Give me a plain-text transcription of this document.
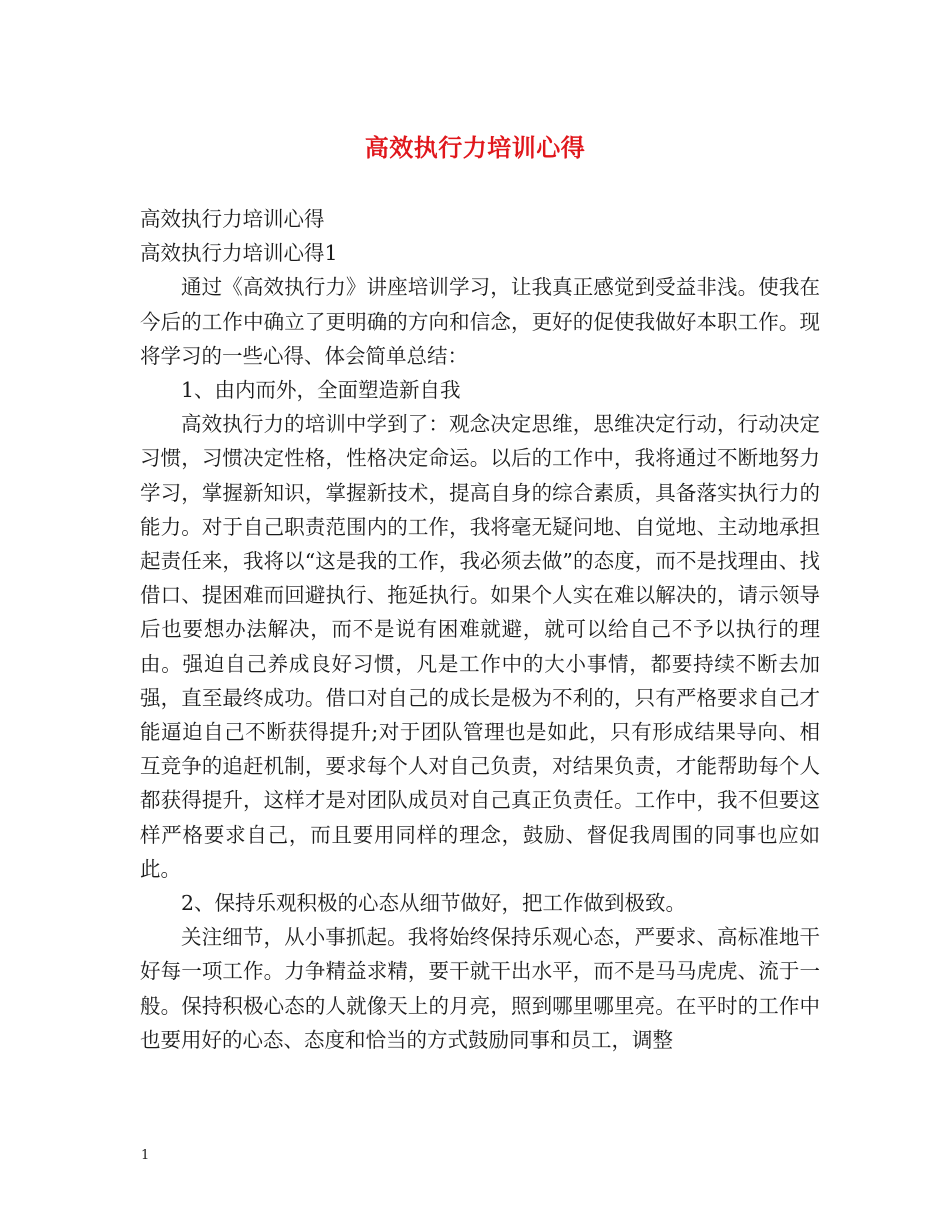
高效执行力培训心得

高效执行力培训心得

高效执行力培训心得1

通过《高效执行力》讲座培训学习，让我真正感觉到受益非浅。使我在今后的工作中确立了更明确的方向和信念，更好的促使我做好本职工作。现将学习的一些心得、体会简单总结：

1、由内而外，全面塑造新自我

高效执行力的培训中学到了：观念决定思维，思维决定行动，行动决定习惯，习惯决定性格，性格决定命运。以后的工作中，我将通过不断地努力学习，掌握新知识，掌握新技术，提高自身的综合素质，具备落实执行力的能力。对于自己职责范围内的工作，我将毫无疑问地、自觉地、主动地承担起责任来，我将以“这是我的工作，我必须去做”的态度，而不是找理由、找借口、提困难而回避执行、拖延执行。如果个人实在难以解决的，请示领导后也要想办法解决，而不是说有困难就避，就可以给自己不予以执行的理由。强迫自己养成良好习惯，凡是工作中的大小事情，都要持续不断去加强，直至最终成功。借口对自己的成长是极为不利的，只有严格要求自己才能逼迫自己不断获得提升;对于团队管理也是如此，只有形成结果导向、相互竞争的追赶机制，要求每个人对自己负责，对结果负责，才能帮助每个人都获得提升，这样才是对团队成员对自己真正负责任。工作中，我不但要这样严格要求自己，而且要用同样的理念，鼓励、督促我周围的同事也应如此。

2、保持乐观积极的心态从细节做好，把工作做到极致。

关注细节，从小事抓起。我将始终保持乐观心态，严要求、高标准地干好每一项工作。力争精益求精，要干就干出水平，而不是马马虎虎、流于一般。保持积极心态的人就像天上的月亮，照到哪里哪里亮。在平时的工作中也要用好的心态、态度和恰当的方式鼓励同事和员工，调整

1
